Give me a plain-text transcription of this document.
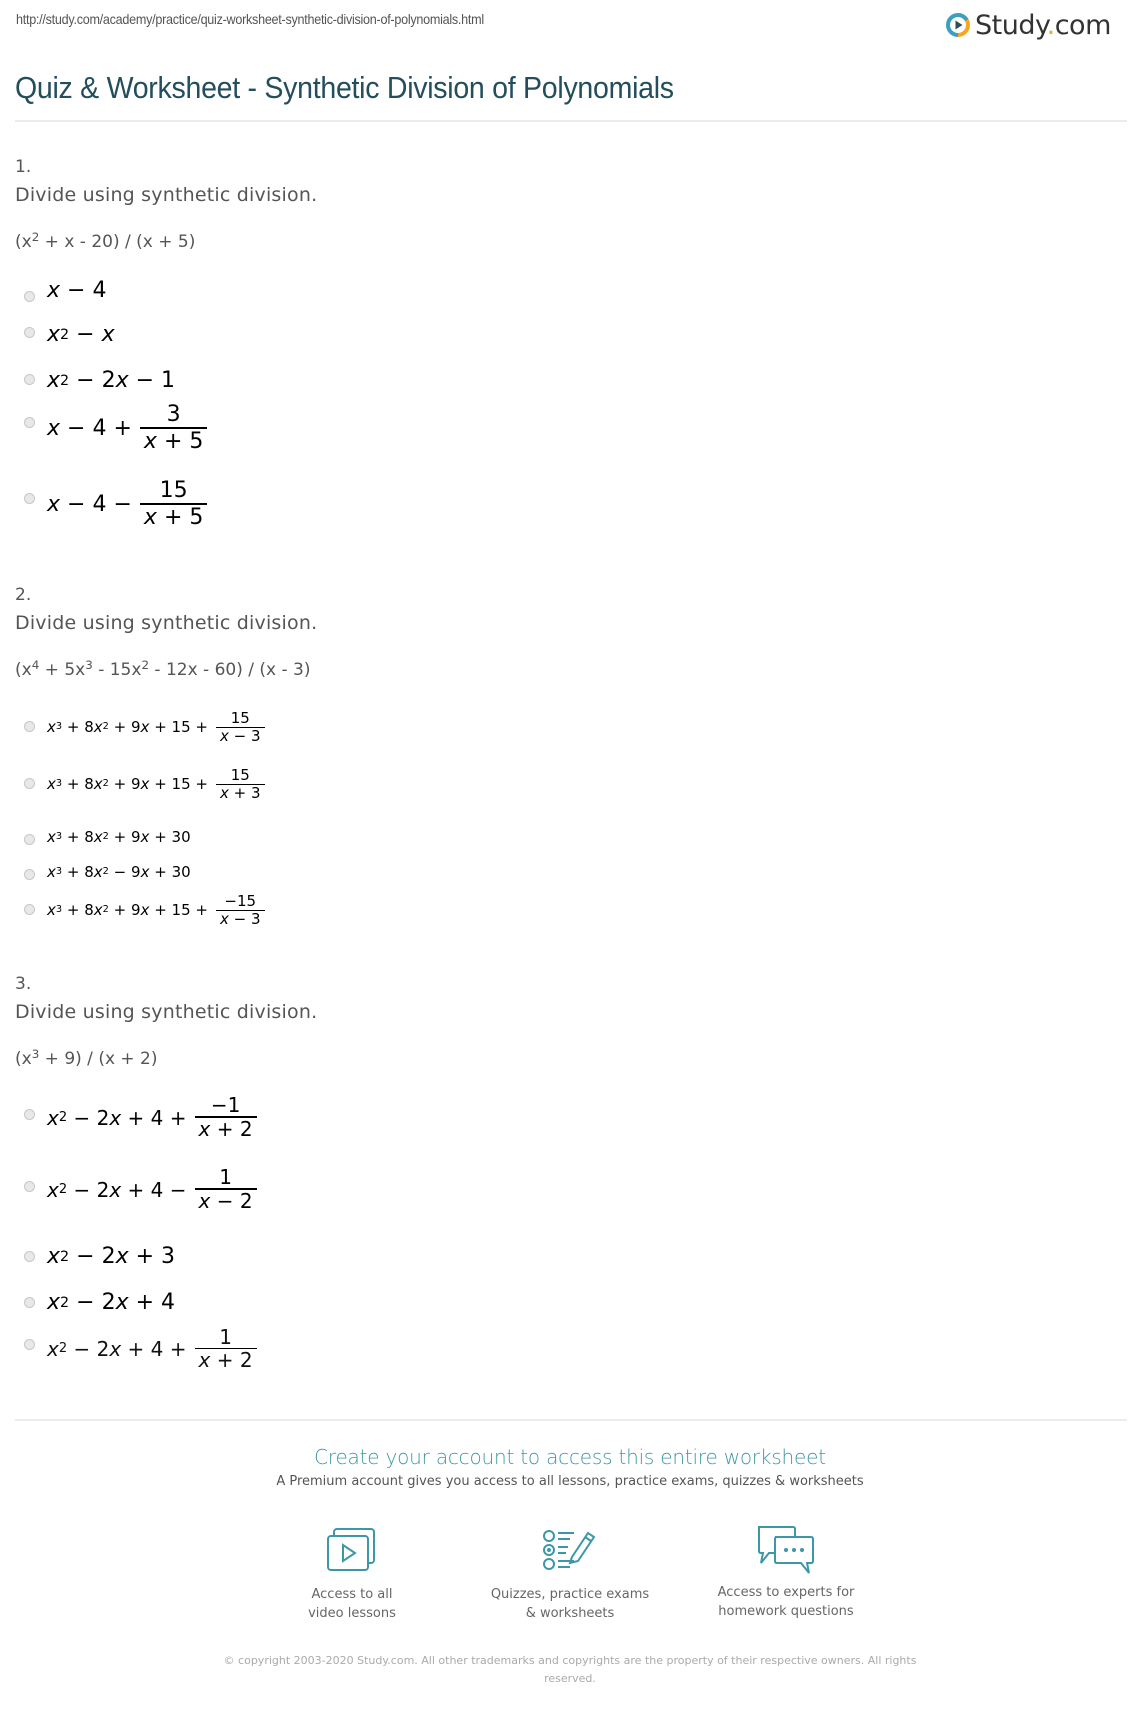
http://study.com/academy/practice/quiz-worksheet-synthetic-division-of-polynomials.html	Study.com
Quiz & Worksheet - Synthetic Division of Polynomials
1.
Divide using synthetic division.
$(x^2 + x - 20) / (x + 5)$
x
−
4
x 2
−
x
x 2
−
2 x
−
1
x
−
4
+ $\frac{3}{x + 5}$
x
−
4
− $\frac{15}{x + 5}$
2.
Divide using synthetic division.
$(x^4 + 5x^3 - 15x^2 - 12x - 60) / (x - 3)$
x 3 + 8 x 2 + 9 $x + 15 + \frac{15}{x - 3}$
x 3 + 8 x 2 + 9 $x + 15 + \frac{15}{x + 3}$
x 3 + 8 x 2 + 9 x + 30
x 3 + 8 x 2
−
9 x + 30
x 3 + 8 x 2 + 9 $x + 15 + \frac{-15}{x - 3}$
3.
Divide using synthetic division.
$(x^3 + 9) / (x + 2)$
x 2
−
2 $x + 4 + \frac{-1}{x + 2}$
x 2
−
2 x + 4
− $\frac{1}{x - 2}$
x 2
−
2 x + 3
x 2
−
2 x + 4
x 2
−
2 $x + 4 + \frac{1}{x + 2}$
Create your account to access this entire worksheet
A Premium account gives you access to all lessons, practice exams, quizzes & worksheets
Access to all
video lessons
Quizzes, practice exams
& worksheets
Access to experts for
homework questions
© copyright 2003-2020 Study.com. All other trademarks and copyrights are the property of their respective owners. All rights
reserved.
